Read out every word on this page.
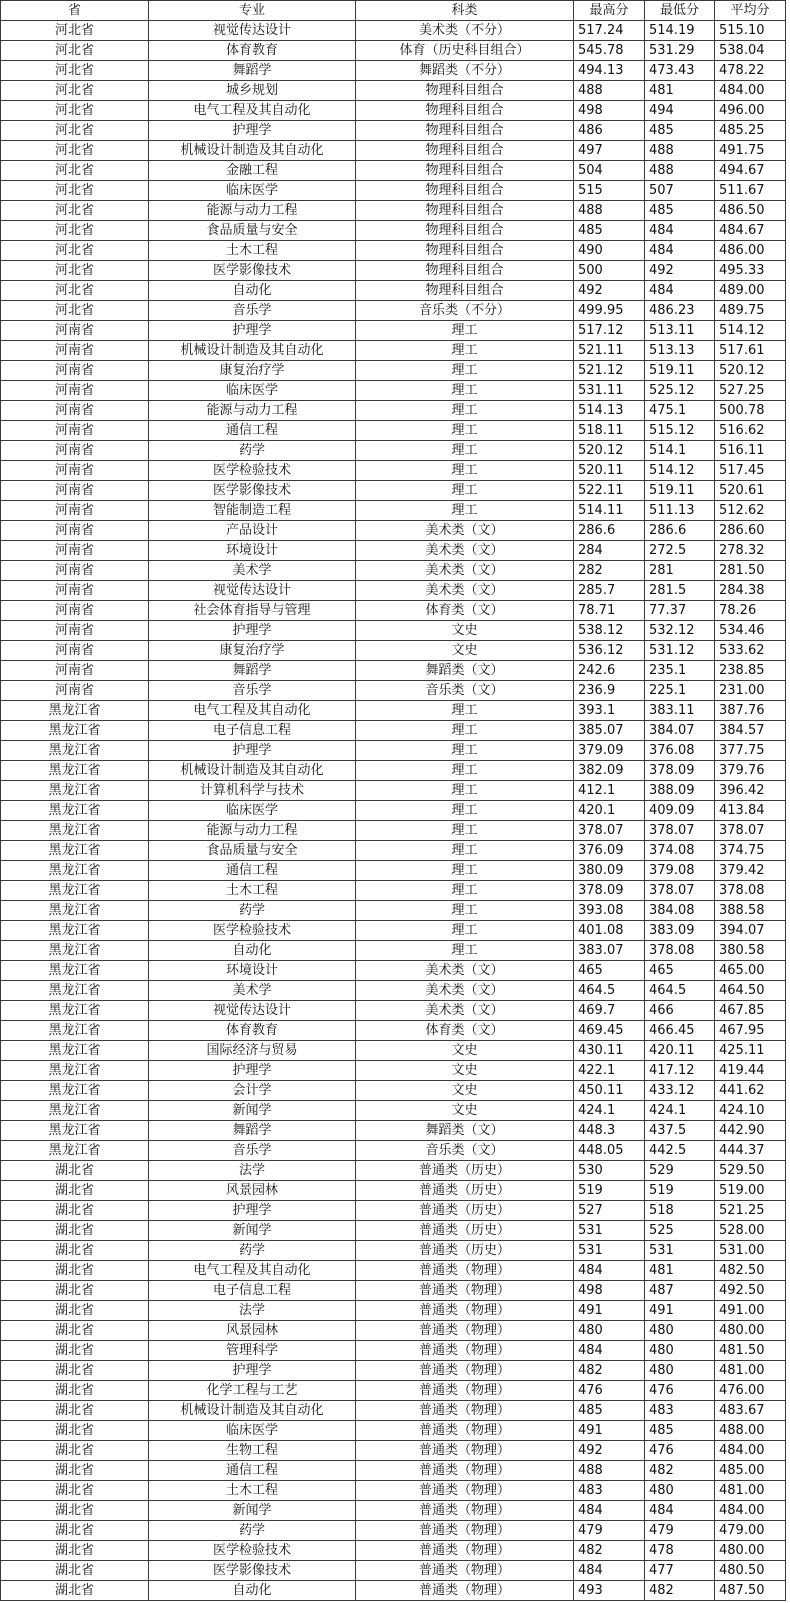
省	专业	科类	最高分	最低分	平均分
河北省	视觉传达设计	美术类（不分）	517.24	514.19	515.10
河北省	体育教育	体育（历史科目组合）	545.78	531.29	538.04
河北省	舞蹈学	舞蹈类（不分）	494.13	473.43	478.22
河北省	城乡规划	物理科目组合	488	481	484.00
河北省	电气工程及其自动化	物理科目组合	498	494	496.00
河北省	护理学	物理科目组合	486	485	485.25
河北省	机械设计制造及其自动化	物理科目组合	497	488	491.75
河北省	金融工程	物理科目组合	504	488	494.67
河北省	临床医学	物理科目组合	515	507	511.67
河北省	能源与动力工程	物理科目组合	488	485	486.50
河北省	食品质量与安全	物理科目组合	485	484	484.67
河北省	土木工程	物理科目组合	490	484	486.00
河北省	医学影像技术	物理科目组合	500	492	495.33
河北省	自动化	物理科目组合	492	484	489.00
河北省	音乐学	音乐类（不分）	499.95	486.23	489.75
河南省	护理学	理工	517.12	513.11	514.12
河南省	机械设计制造及其自动化	理工	521.11	513.13	517.61
河南省	康复治疗学	理工	521.12	519.11	520.12
河南省	临床医学	理工	531.11	525.12	527.25
河南省	能源与动力工程	理工	514.13	475.1	500.78
河南省	通信工程	理工	518.11	515.12	516.62
河南省	药学	理工	520.12	514.1	516.11
河南省	医学检验技术	理工	520.11	514.12	517.45
河南省	医学影像技术	理工	522.11	519.11	520.61
河南省	智能制造工程	理工	514.11	511.13	512.62
河南省	产品设计	美术类（文）	286.6	286.6	286.60
河南省	环境设计	美术类（文）	284	272.5	278.32
河南省	美术学	美术类（文）	282	281	281.50
河南省	视觉传达设计	美术类（文）	285.7	281.5	284.38
河南省	社会体育指导与管理	体育类（文）	78.71	77.37	78.26
河南省	护理学	文史	538.12	532.12	534.46
河南省	康复治疗学	文史	536.12	531.12	533.62
河南省	舞蹈学	舞蹈类（文）	242.6	235.1	238.85
河南省	音乐学	音乐类（文）	236.9	225.1	231.00
黑龙江省	电气工程及其自动化	理工	393.1	383.11	387.76
黑龙江省	电子信息工程	理工	385.07	384.07	384.57
黑龙江省	护理学	理工	379.09	376.08	377.75
黑龙江省	机械设计制造及其自动化	理工	382.09	378.09	379.76
黑龙江省	计算机科学与技术	理工	412.1	388.09	396.42
黑龙江省	临床医学	理工	420.1	409.09	413.84
黑龙江省	能源与动力工程	理工	378.07	378.07	378.07
黑龙江省	食品质量与安全	理工	376.09	374.08	374.75
黑龙江省	通信工程	理工	380.09	379.08	379.42
黑龙江省	土木工程	理工	378.09	378.07	378.08
黑龙江省	药学	理工	393.08	384.08	388.58
黑龙江省	医学检验技术	理工	401.08	383.09	394.07
黑龙江省	自动化	理工	383.07	378.08	380.58
黑龙江省	环境设计	美术类（文）	465	465	465.00
黑龙江省	美术学	美术类（文）	464.5	464.5	464.50
黑龙江省	视觉传达设计	美术类（文）	469.7	466	467.85
黑龙江省	体育教育	体育类（文）	469.45	466.45	467.95
黑龙江省	国际经济与贸易	文史	430.11	420.11	425.11
黑龙江省	护理学	文史	422.1	417.12	419.44
黑龙江省	会计学	文史	450.11	433.12	441.62
黑龙江省	新闻学	文史	424.1	424.1	424.10
黑龙江省	舞蹈学	舞蹈类（文）	448.3	437.5	442.90
黑龙江省	音乐学	音乐类（文）	448.05	442.5	444.37
湖北省	法学	普通类（历史）	530	529	529.50
湖北省	风景园林	普通类（历史）	519	519	519.00
湖北省	护理学	普通类（历史）	527	518	521.25
湖北省	新闻学	普通类（历史）	531	525	528.00
湖北省	药学	普通类（历史）	531	531	531.00
湖北省	电气工程及其自动化	普通类（物理）	484	481	482.50
湖北省	电子信息工程	普通类（物理）	498	487	492.50
湖北省	法学	普通类（物理）	491	491	491.00
湖北省	风景园林	普通类（物理）	480	480	480.00
湖北省	管理科学	普通类（物理）	484	480	481.50
湖北省	护理学	普通类（物理）	482	480	481.00
湖北省	化学工程与工艺	普通类（物理）	476	476	476.00
湖北省	机械设计制造及其自动化	普通类（物理）	485	483	483.67
湖北省	临床医学	普通类（物理）	491	485	488.00
湖北省	生物工程	普通类（物理）	492	476	484.00
湖北省	通信工程	普通类（物理）	488	482	485.00
湖北省	土木工程	普通类（物理）	483	480	481.00
湖北省	新闻学	普通类（物理）	484	484	484.00
湖北省	药学	普通类（物理）	479	479	479.00
湖北省	医学检验技术	普通类（物理）	482	478	480.00
湖北省	医学影像技术	普通类（物理）	484	477	480.50
湖北省	自动化	普通类（物理）	493	482	487.50
